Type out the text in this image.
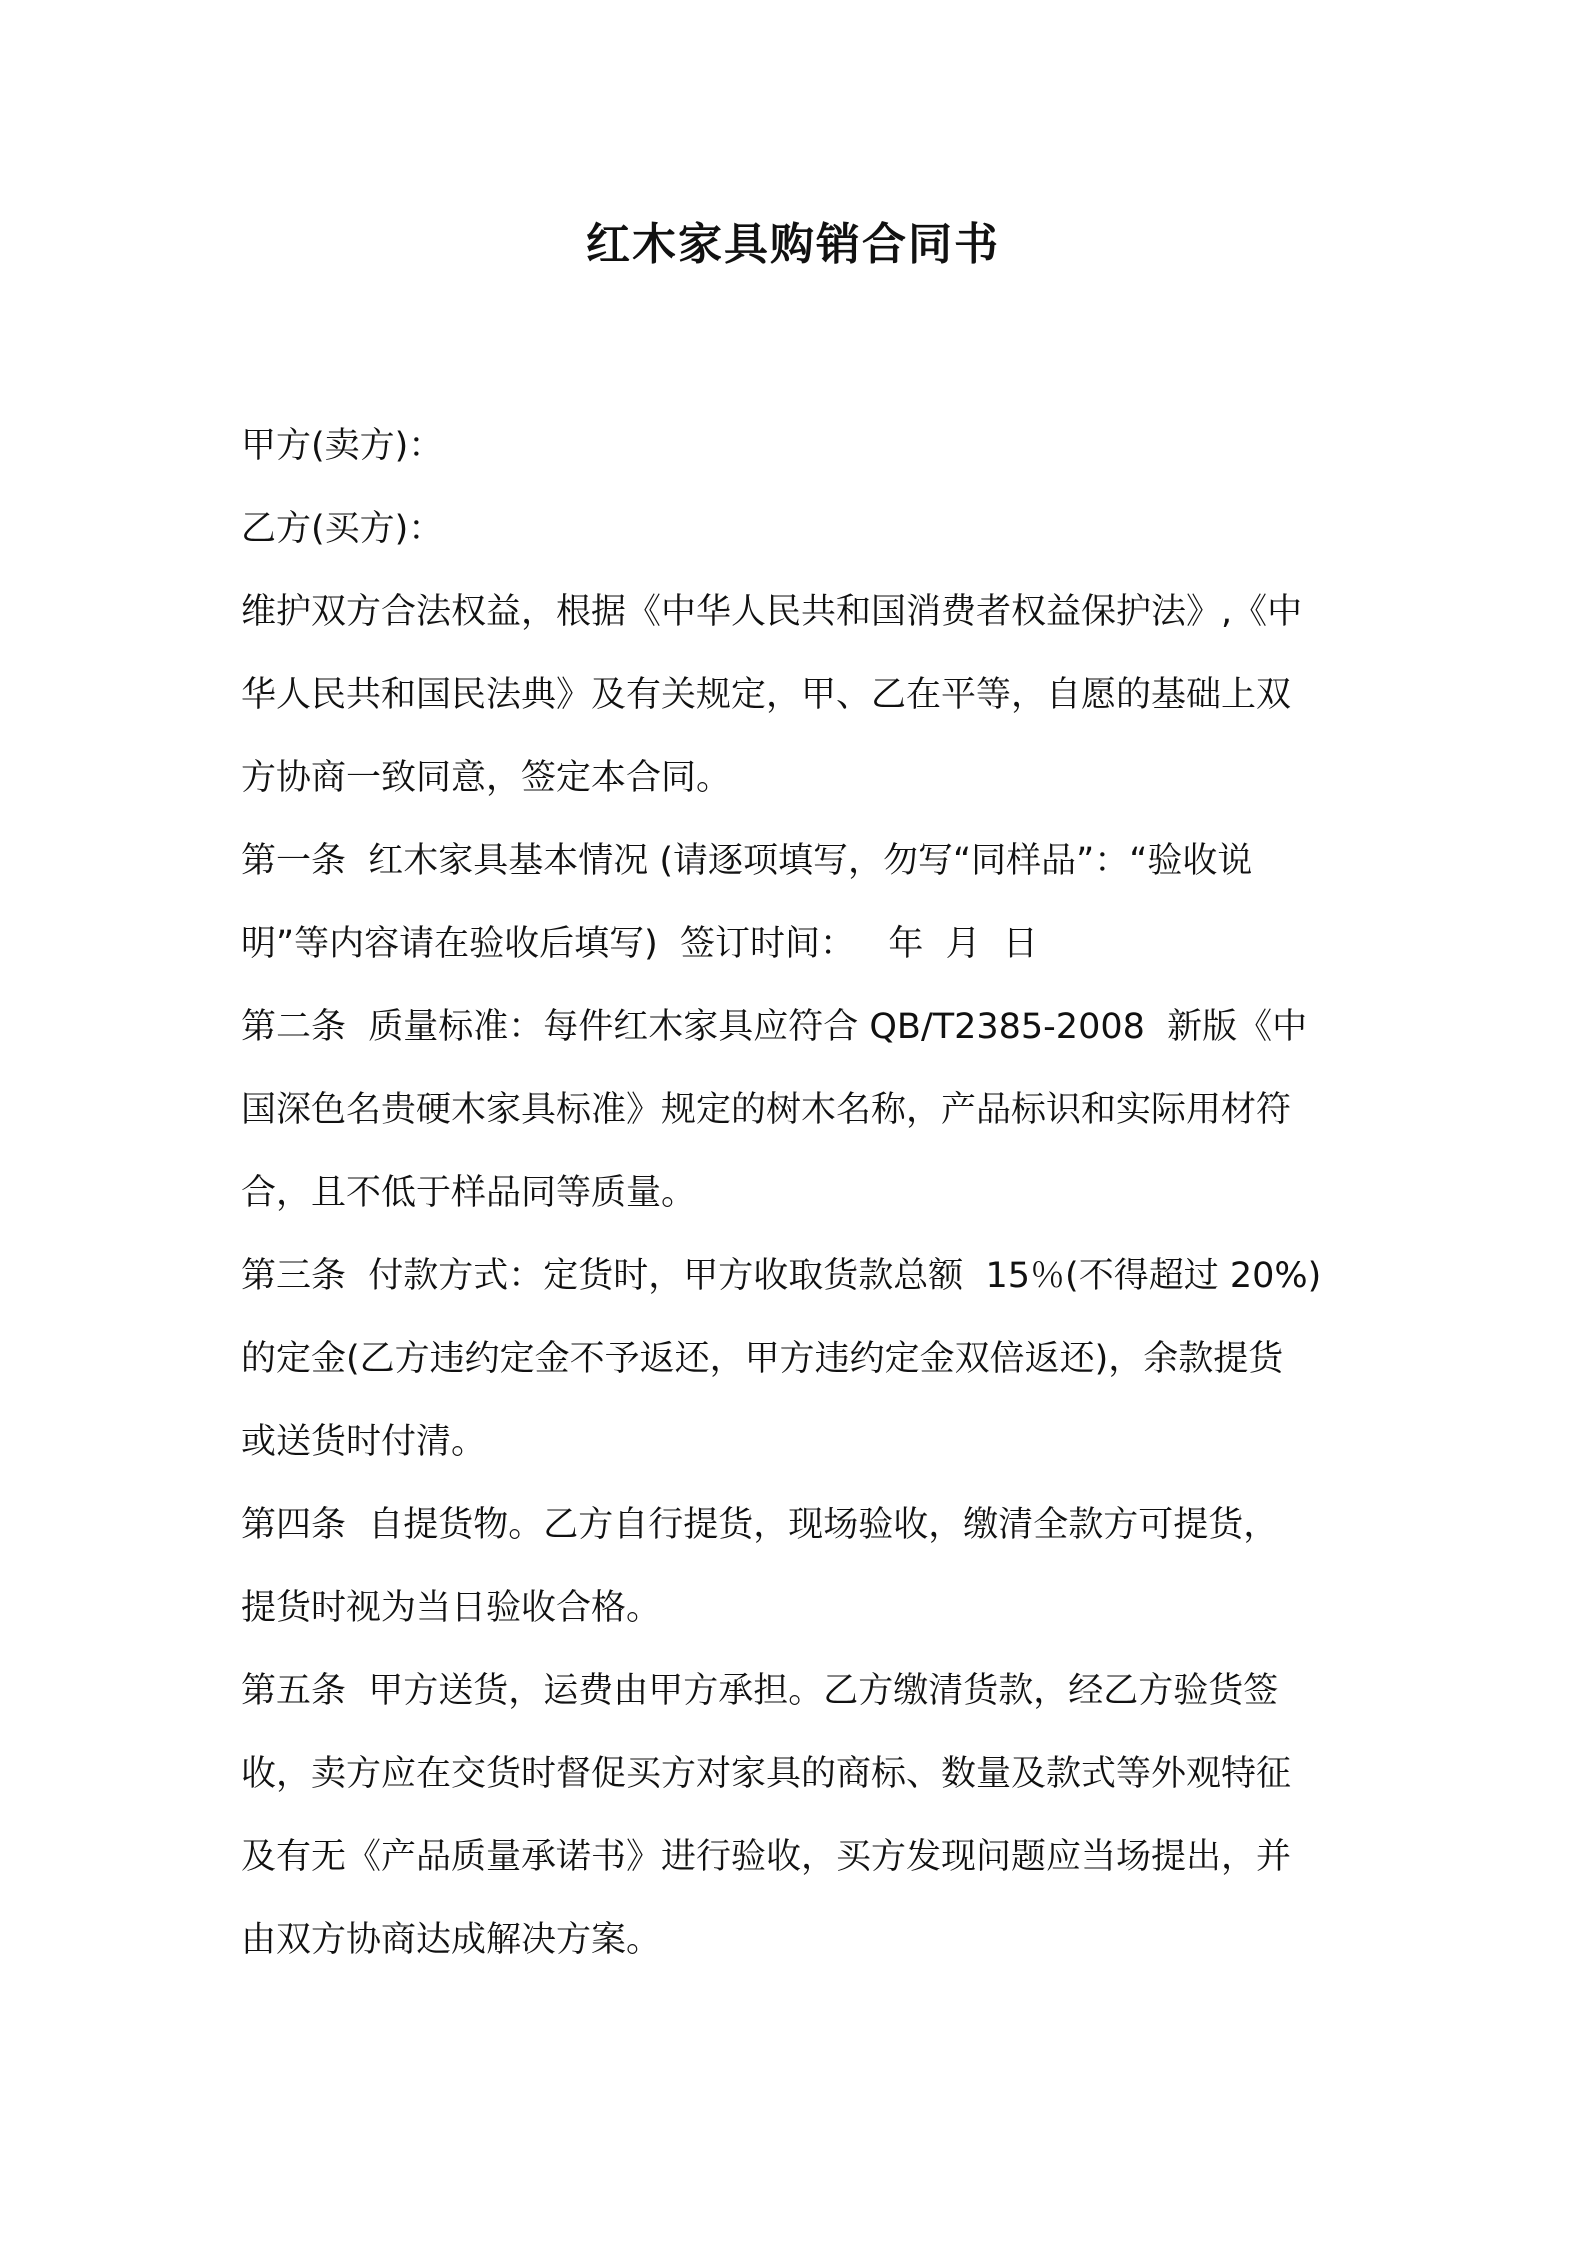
红木家具购销合同书
甲方(卖方)：
乙方(买方)：
维护双方合法权益，根据《中华人民共和国消费者权益保护法》,《中
华人民共和国民法典》及有关规定，甲、乙在平等，自愿的基础上双
方协商一致同意，签定本合同。
第一条  红木家具基本情况 (请逐项填写，勿写“同样品”：“验收说
明”等内容请在验收后填写)  签订时间：   年  月  日
第二条  质量标准：每件红木家具应符合 QB/T2385-2008  新版《中
国深色名贵硬木家具标准》规定的树木名称，产品标识和实际用材符
合，且不低于样品同等质量。
第三条  付款方式：定货时，甲方收取货款总额  15％(不得超过 20%)
的定金(乙方违约定金不予返还，甲方违约定金双倍返还)，余款提货
或送货时付清。
第四条  自提货物。乙方自行提货，现场验收，缴清全款方可提货，
提货时视为当日验收合格。
第五条  甲方送货，运费由甲方承担。乙方缴清货款，经乙方验货签
收，卖方应在交货时督促买方对家具的商标、数量及款式等外观特征
及有无《产品质量承诺书》进行验收，买方发现问题应当场提出，并
由双方协商达成解决方案。
